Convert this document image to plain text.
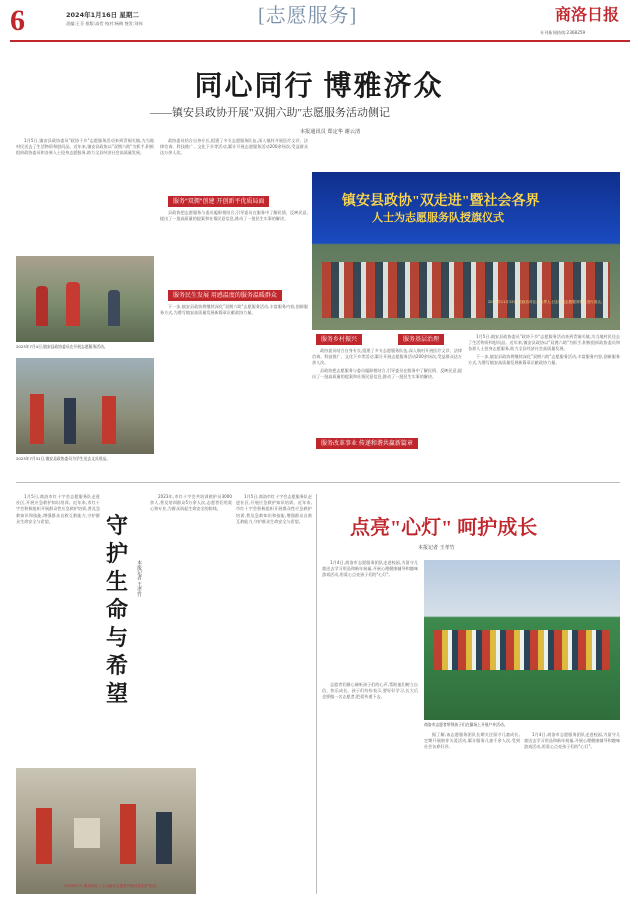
6	2024年1月16日 星期二
责编:王芬 排版:高哲 校对:杨梅 签发:刘伟	[志愿服务]	商洛日报
专刊新闻热线:2368259
同心同行 博雅济众
——镇安县政协开展"双拥六助"志愿服务活动侧记
本报通讯员 郑定华 谢云清

1月5日,镇安县政协委员"政协下乡"志愿服务活动来到青铜关镇,为当地村民送去了生活物资和慰问品。近年来,镇安县政协以"双拥六助"为抓手,积极组织政协委员和各界人士投身志愿服务,助力全县经济社会高质量发展。

政协委员结合自身专长,组建了多支志愿服务队伍,深入镇村开展医疗义诊、法律咨询、科技推广、文化下乡等活动,累计开展志愿服务活动200余场次,受益群众达万余人次。

服务"双拥"创建 开创新平优质局面

县政协把志愿服务与委员履职相结合,引导委员在服务中了解民情、反映民意,提出了一批高质量的提案和社情民意信息,推动了一批民生实事的解决。

2023年7月4日,镇安县政协委员在开展志愿服务活动。
2023年7月31日,镇安县政协委员为学生送去文具用品。
服务民生发展 用感温度的服务温暖群众

下一步,镇安县政协将继续深化"双拥六助"志愿服务活动,丰富服务内容,创新服务方式,为谱写镇安高质量发展新篇章贡献政协力量。

镇安县政协"双走进"暨社会各界
人士为志愿服务队授旗仪式
2023年11月15日,县政协对社会各界人士送来的志愿服务物资进行清点。
服务乡村振兴

政协委员结合自身专长,组建了多支志愿服务队伍,深入镇村开展医疗义诊、法律咨询、科技推广、文化下乡等活动,累计开展志愿服务活动200余场次,受益群众达万余人次。

县政协把志愿服务与委员履职相结合,引导委员在服务中了解民情、反映民意,提出了一批高质量的提案和社情民意信息,推动了一批民生实事的解决。

服务基层治理
服务改革事业 传递和谐共赢新篇章

1月5日,镇安县政协委员"政协下乡"志愿服务活动来到青铜关镇,为当地村民送去了生活物资和慰问品。近年来,镇安县政协以"双拥六助"为抓手,积极组织政协委员和各界人士投身志愿服务,助力全县经济社会高质量发展。

下一步,镇安县政协将继续深化"双拥六助"志愿服务活动,丰富服务内容,创新服务方式,为谱写镇安高质量发展新篇章贡献政协力量。

1月5日,商洛市红十字会志愿服务队走进社区,开展应急救护知识培训。近年来,市红十字会积极组织开展群众性应急救护培训,普及急救知识和技能,增强群众自救互救能力,守护群众生命安全与希望。	守
护
生
命
与
希
望
本报记者 王孝竹

2023年,市红十字会共培训救护员3000余人,普及培训群众5万余人次,志愿者们用爱心和专业,为群众筑起生命安全的防线。

1月5日,商洛市红十字会志愿服务队走进社区,开展应急救护知识培训。近年来,市红十字会积极组织开展群众性应急救护培训,普及急救知识和技能,增强群众自救互救能力,守护群众生命安全与希望。

2023年7月,商洛市红十字会组织志愿者开展应急救护培训。
点亮"心灯" 呵护成长
本报记者 王孝竹

1月4日,商洛市志愿服务团队走进校园,为留守儿童送去学习用品和新年祝福,开展心理健康辅导和趣味游戏活动,用爱心点亮孩子们的"心灯"。

商洛市志愿者带领孩子们在操场上开展户外活动。

志愿者们耐心倾听孩子们的心声,帮助他们树立自信、快乐成长。孩子们纷纷表示,要好好学习,长大后也要做一名志愿者,把爱传递下去。

据了解,该志愿服务团队长期关注留守儿童成长,定期开展陪伴关爱活动,累计服务儿童千余人次,受到社会各界好评。

1月4日,商洛市志愿服务团队走进校园,为留守儿童送去学习用品和新年祝福,开展心理健康辅导和趣味游戏活动,用爱心点亮孩子们的"心灯"。
